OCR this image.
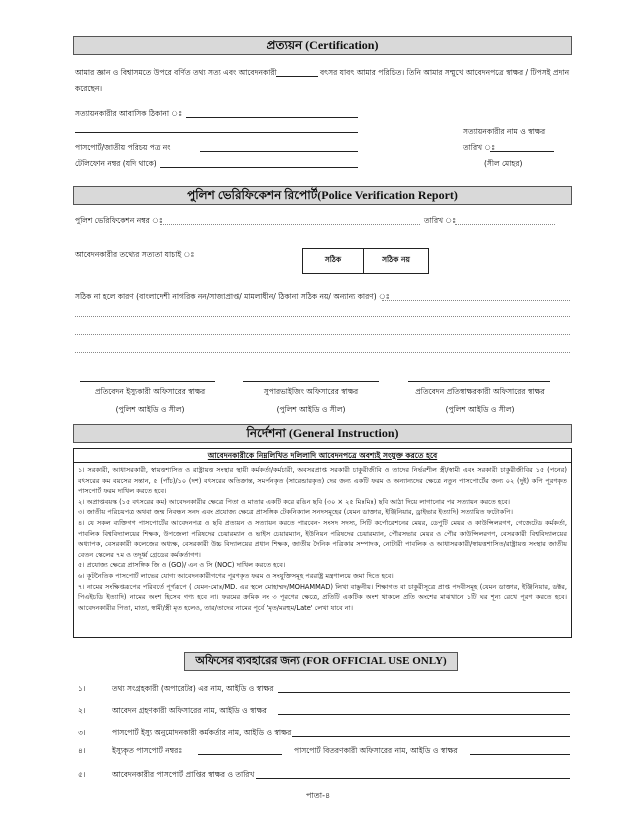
প্রত্যয়ন (Certification)
আমার জ্ঞান ও বিশ্বাসমতে উপরে বর্ণিত তথ্য সত্য এবং আবেদনকারী	বৎসর যাবৎ আমার পরিচিত। তিনি আমার সম্মুখে আবেদনপত্রে স্বাক্ষর / টিপসই প্রদান
করেছেন।
সত্যায়নকারীর আবাসিক ঠিকানা ঃ
সত্যায়নকারীর নাম ও স্বাক্ষর
পাসপোর্ট/জাতীয় পরিচয় পত্র নং	তারিখ ঃ
টেলিফোন নম্বর (যদি থাকে)	(সীল মোহর)
পুলিশ ভেরিফিকেশন রিপোর্ট(Police Verification Report)
পুলিশ ভেরিফিকেশন নম্বর ঃ	তারিখ ঃ
আবেদনকারীর তথ্যের সত্যতা যাচাই ঃ
সঠিক	সঠিক নয়
সঠিক না হলে কারণ (বাংলাদেশী নাগরিক নন/সাজাপ্রাপ্ত/ মামলাধীন/ ঠিকানা সঠিক নয়/ অন্যান্য কারণ) ঃ
প্রতিবেদন ইস্যুকারী অফিসারের স্বাক্ষর
(পুলিশ আইডি ও সীল)
সুপারভাইজিং অফিসারের স্বাক্ষর
(পুলিশ আইডি ও সীল)
প্রতিবেদন প্রতিস্বাক্ষরকারী অফিসারের স্বাক্ষর
(পুলিশ আইডি ও সীল)
নির্দেশনা (General Instruction)
আবেদনকারীকে নিম্নলিখিত দলিলাদি আবেদনপত্রে অবশ্যই সংযুক্ত করতে হবে
১। সরকারী, আধাসরকারী, স্বায়ত্তশাসিত ও রাষ্ট্রায়ত্ত সংস্থার স্থায়ী কর্মকর্তা/কর্মচারী, অবসরপ্রাপ্ত সরকারী চাকুরীজীবি ও তাদের নির্ভরশীল স্ত্রী/স্বামী এবং সরকারী চাকুরীজীবির ১৫ (পনের) বৎসরের কম বয়সের সন্তান, ৫ (পাঁচ)/১০ (দশ) বৎসরের অতিক্রান্ত, সমর্পনকৃত (সারেন্ডারকৃত) দের জন্য একটি ফরম ও অন্যান্যদের ক্ষেত্রে নতুন পাসপোর্টের জন্য ০২ (দুই) কপি পূরণকৃত পাসপোর্ট ফরম দাখিল করতে হবে।
২। অপ্রাপ্তবয়স্ক (১৫ বৎসরের কম) আবেদনকারীর ক্ষেত্রে পিতা ও মাতার একটি করে রঙিন ছবি (৩০ × ২৫ মিঃমিঃ) ছবি আঠা দিয়ে লাগানোর পর সত্যায়ন করতে হবে।
৩। জাতীয় পরিচয়পত্র অথবা জন্ম নিবন্ধন সনদ এবং প্রযোজ্য ক্ষেত্রে প্রাসঙ্গিক টেকনিক্যাল সনদসমূহের (যেমন ডাক্তার, ইঞ্জিনিয়ার, ড্রাইভার ইত্যাদি) সত্যায়িত ফটোকপি।
৪। যে সকল ব্যক্তিগণ পাসপোর্টের আবেদনপত্র ও ছবি প্রত্যয়ন ও সত্যায়ন করতে পারবেন- সংসদ সদস্য, সিটি কর্পোরেশনের মেয়র, ডেপুটি মেয়র ও কাউন্সিলরগণ, গেজেটেড কর্মকর্তা, পাবলিক বিশ্ববিদ্যালয়ের শিক্ষক, উপজেলা পরিষদের চেয়ারম্যান ও ভাইস চেয়ারম্যান, ইউনিয়ন পরিষদের চেয়ারম্যান, পৌরসভার মেয়র ও পৌর কাউন্সিলরগণ, বেসরকারী বিশ্ববিদ্যালয়ের অধ্যাপক, বেসরকারী কলেজের অধ্যক্ষ, বেসরকারী উচ্চ বিদ্যালয়ের প্রধান শিক্ষক, জাতীয় দৈনিক পত্রিকার সম্পাদক, নোটারী পাবলিক ও আধাসরকারী/স্বায়ত্তশাসিত/রাষ্ট্রায়ত্ত সংস্থার জাতীয় বেতন স্কেলের ৭ম ও তদূর্ধ্ব গ্রেডের কর্মকর্তাগণ।
৫। প্রযোজ্য ক্ষেত্রে প্রাসঙ্গিক জি ও (GO)/ এন ও সি (NOC) দাখিল করতে হবে।
৬। কূটনৈতিক পাসপোর্ট লাভের যোগ্য আবেদনকারীগণের পূরণকৃত ফরম ও সংযুক্তিসমূহ পররাষ্ট্র মন্ত্রণালয়ে জমা দিতে হবে।
৭। নামের সংক্ষিপ্তরূপের পরিবর্তে পূর্ণরূপে ( যেমন-মোঃ/MD. এর স্থলে মোহাম্মদ/MOHAMMAD) লিখা বাঞ্ছনীয়। শিক্ষাগত বা চাকুরীসূত্রে প্রাপ্ত পদবীসমূহ (যেমন ডাক্তার, ইঞ্জিনিয়ার, ডক্টর, পিএইচডি ইত্যাদি) নামের অংশ হিসেব গণ্য হবে না। ফরমের ক্রমিক নং ৩ পূরণের ক্ষেত্রে, প্রতিটি একটিক অংশ থাকলে প্রতি অংশের মাঝখানে ১টি ঘর শূন্য রেখে পূরণ করতে হবে। আবেদনকারীর পিতা, মাতা, স্বামী/স্ত্রী মৃত হলেও, তার/তাদের নামের পূর্বে 'মৃত/মরহুম/Late' লেখা যাবে না।
অফিসের ব্যবহারের জন্য (FOR OFFICIAL USE ONLY)
১।	তথ্য সংগ্রহকারী (অপারেটর) এর নাম, আইডি ও স্বাক্ষর
২।	আবেদন গ্রহণকারী অফিসারের নাম, আইডি ও স্বাক্ষর
৩।	পাসপোর্ট ইস্যু অনুমোদনকারী কর্মকর্তার নাম, আইডি ও স্বাক্ষর
৪।	ইস্যুকৃত পাসপোর্ট নম্বরঃ	পাসপোর্ট বিতরণকারী অফিসারের নাম, আইডি ও স্বাক্ষর
৫।	আবেদনকারীর পাসপোর্ট প্রাপ্তির স্বাক্ষর ও তারিখ
পাতা-৪
